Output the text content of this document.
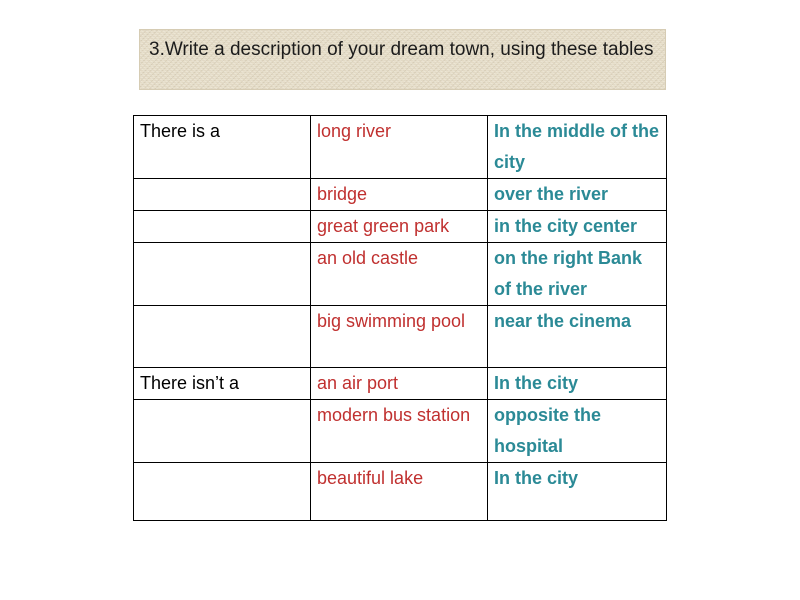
3.Write a description of your dream town, using these tables

There is a	long river	In the middle of the city
	bridge	over the river
	great green park	in the city center
	an old castle	on the right Bank of the river
	big swimming pool	near the cinema
There isn’t a	an air port	In the city
	modern bus station	opposite the hospital
	beautiful lake	In the city
